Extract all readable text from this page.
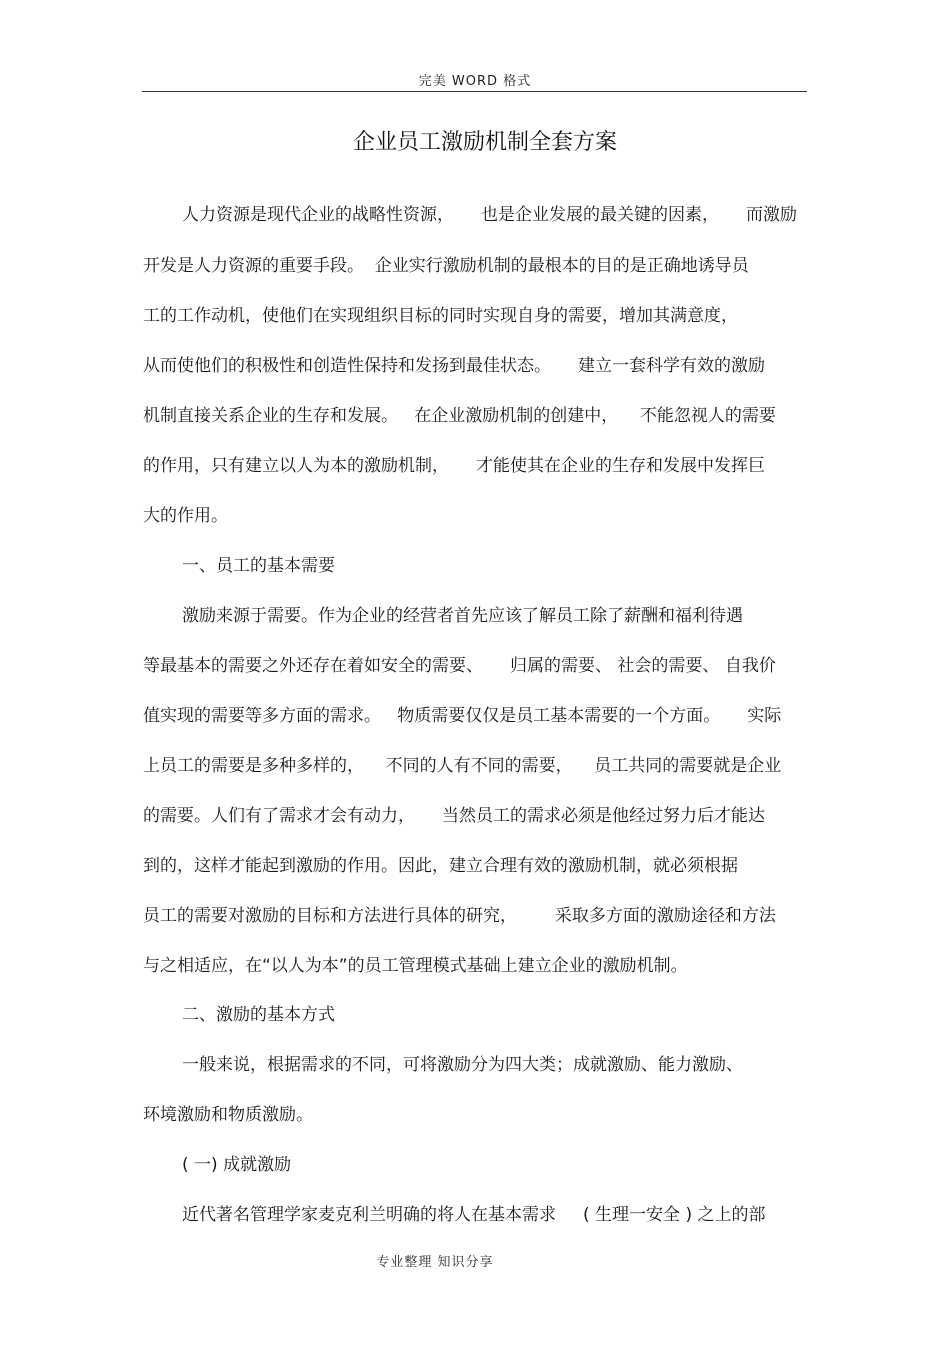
完美 WORD 格式
企业员工激励机制全套方案

人力资源是现代企业的战略性资源，     也是企业发展的最关键的因素，     而激励

开发是人力资源的重要手段。  企业实行激励机制的最根本的目的是正确地诱导员

工的工作动机，使他们在实现组织目标的同时实现自身的需要，增加其满意度，

从而使他们的积极性和创造性保持和发扬到最佳状态。     建立一套科学有效的激励

机制直接关系企业的生存和发展。   在企业激励机制的创建中，    不能忽视人的需要

的作用，只有建立以人为本的激励机制，     才能使其在企业的生存和发展中发挥巨

大的作用。

一、员工的基本需要

激励来源于需要。作为企业的经营者首先应该了解员工除了薪酬和福利待遇

等最基本的需要之外还存在着如安全的需要、     归属的需要、 社会的需要、 自我价

值实现的需要等多方面的需求。   物质需要仅仅是员工基本需要的一个方面。     实际

上员工的需要是多种多样的，    不同的人有不同的需要，    员工共同的需要就是企业

的需要。人们有了需求才会有动力，     当然员工的需求必须是他经过努力后才能达

到的，这样才能起到激励的作用。因此，建立合理有效的激励机制，就必须根据

员工的需要对激励的目标和方法进行具体的研究，       采取多方面的激励途径和方法

与之相适应，在“以人为本”的员工管理模式基础上建立企业的激励机制。

二、激励的基本方式

一般来说，根据需求的不同，可将激励分为四大类；成就激励、能力激励、

环境激励和物质激励。

( 一) 成就激励

近代著名管理学家麦克利兰明确的将人在基本需求     ( 生理一安全 ) 之上的部

专业整理 知识分享
